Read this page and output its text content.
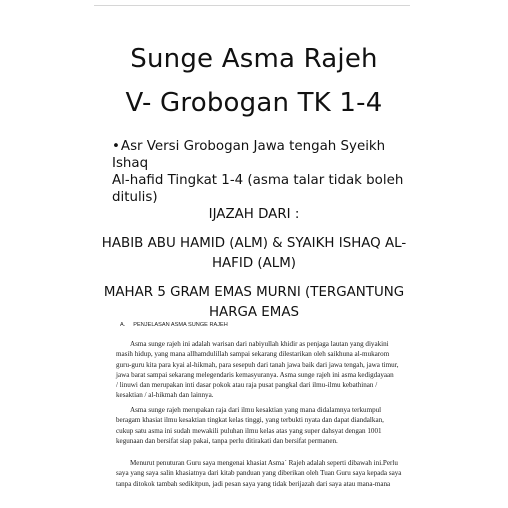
Sunge Asma Rajeh
V- Grobogan TK 1-4
•Asr Versi Grobogan Jawa tengah Syeikh Ishaq
Al-hafid Tingkat 1-4 (asma talar tidak boleh
ditulis)
IJAZAH DARI :
HABIB ABU HAMID (ALM) & SYAIKH ISHAQ AL-
HAFID (ALM)
MAHAR 5 GRAM EMAS MURNI (TERGANTUNG
HARGA EMAS
A. PENJELASAN ASMA SUNGE RAJEH
Asma sunge rajeh ini adalah warisan dari nabiyullah khidir as penjaga lautan yang diyakini
masih hidup, yang mana allhamdulillah sampai sekarang dilestarikan oleh saikhuna al-mukarom
guru-guru kita para kyai al-hikmah, para sesepuh dari tanah jawa baik dari jawa tengah, jawa timur,
jawa barat sampai sekarang melegendaris kemasyuranya. Asma sunge rajeh ini asma kedigdayaan
/ linuwi dan merupakan inti dasar pokok atau raja pusat pangkal dari ilmu-ilmu kebathinan /
kesaktian / al-hikmah dan lainnya.
Asma sunge rajeh merupakan raja dari ilmu kesaktian yang mana didalamnya terkumpul
beragam khasiat ilmu kesaktian tingkat kelas tinggi, yang terbukti nyata dan dapat diandalkan,
cukup satu asma ini sudah mewakili puluhan ilmu kelas atas yang super dahsyat dengan 1001
kegunaan dan bersifat siap pakai, tanpa perlu ditirakati dan bersifat permanen.
Menurut penuturan Guru saya mengenai khasiat Asma` Rajeh adalah seperti dibawah ini.Perlu
saya yang saya salin khasiatnya dari kitab panduan yang diberikan oleh Tuan Guru saya kepada saya
tanpa ditokok tambah sedikitpun, jadi pesan saya yang tidak berijazah dari saya atau mana-mana
